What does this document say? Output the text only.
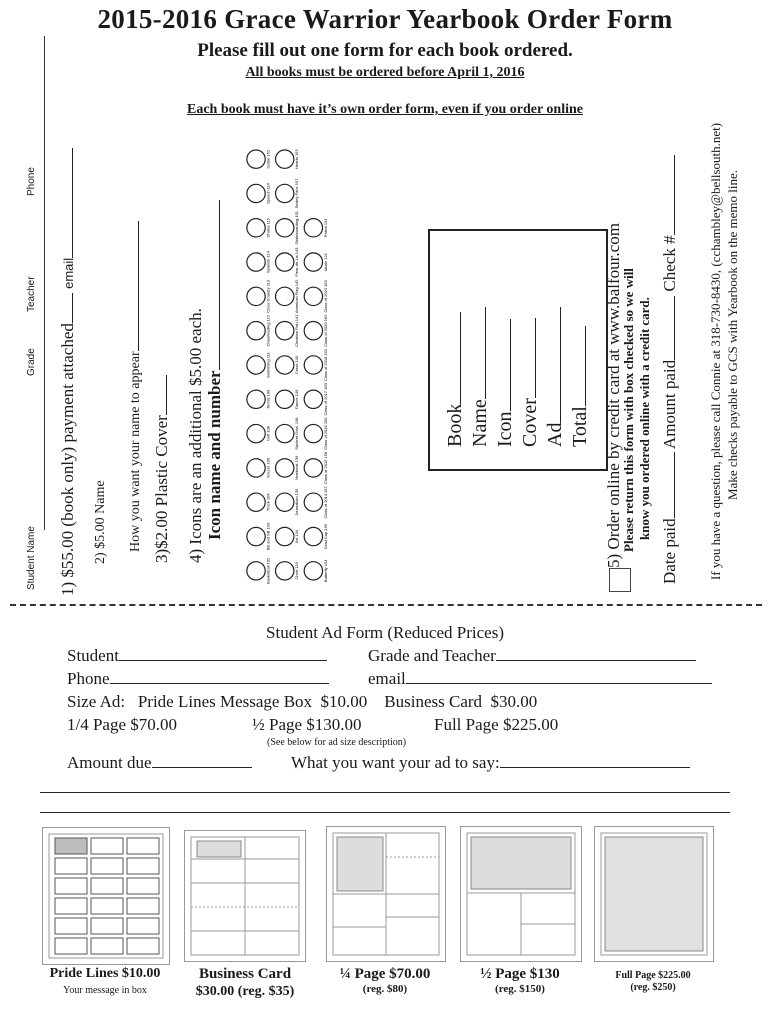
2015-2016 Grace Warrior Yearbook Order Form
Please fill out one form for each book ordered.
All books must be ordered before April 1, 2016
Each book must have it’s own order form, even if you order online
Student Name
Grade
Teacher
Phone
1) $55.00 (book only) payment attached email
2) $5.00 Name How you want your name to appear 3)$2.00 Plastic Cover 4) Icons are an additional $5.00 each. Icon name and number
Basketball 102
BB and SB 103
Track 104
Soccer 106
Golf 108
Tennis 109
Swimming 111
Cheerleading 112
Cross Country 113
Spanish 114
Drama 115
Speech 116
Guitar 152
Choir 133
Art 134
Journalism 135
Yearbook 136
Student Govt. 138
Dance 139
Cross 140
Christian Fish 141
American Flag 142
Fleur-de-Lis 143
Skateboarding 151
Smiley Face 157
Hearts 153
Butterfly 154
Grad Cap 155
Class of 2014 157
Class of 2015 158
Class of 2016 159
Class of 2017 160
Class of 2018 161
Class of 2019 162
Class of 2020 163
Music 121
Parrot 131
Book Name Icon Cover Ad Total 5) Order online by credit card at www.balfour.com
Please return this form with box checked so we will know you ordered online with a credit card.
Date paid Amount paid Check # If you have a question, please call Connie at 318-730-8430, (cchambley@bellsouth.net) Make checks payable to GCS with Yearbook on the memo line.
Student Ad Form (Reduced Prices)
Student	Grade and Teacher
Phone	email
Size Ad:   Pride Lines Message Box  $10.00    Business Card  $30.00
1/4 Page $70.00	½ Page $130.00	Full Page $225.00
(See below for ad size description)
Amount due	What you want your ad to say:
Pride Lines $10.00
Your message in box
Business Card
$30.00 (reg. $35)
¼ Page $70.00
(reg. $80)
½ Page $130
(reg. $150)
Full Page $225.00
(reg. $250)
